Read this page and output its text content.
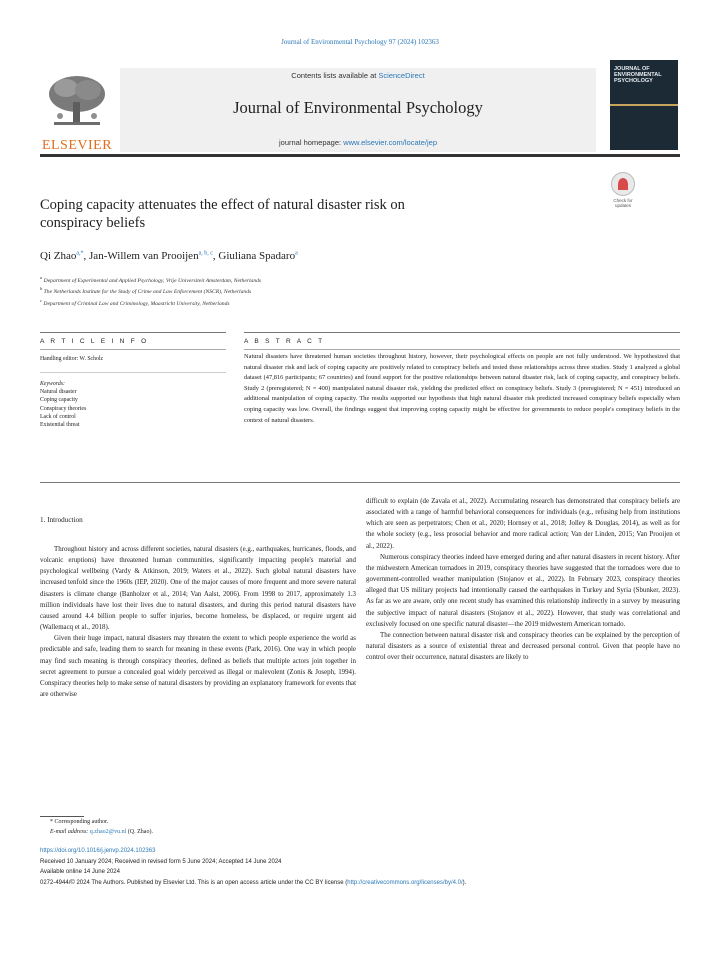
Journal of Environmental Psychology 97 (2024) 102363
ELSEVIER
Contents lists available at ScienceDirect
Journal of Environmental Psychology
journal homepage: www.elsevier.com/locate/jep
JOURNAL OF ENVIRONMENTAL PSYCHOLOGY
Check for updates
Coping capacity attenuates the effect of natural disaster risk on
conspiracy beliefs
Qi Zhao$^{a,*}$, Jan-Willem van Prooijen$^{a, b, c}$, Giuliana Spadaro$^a$
$^a$ Department of Experimental and Applied Psychology, Vrije Universiteit Amsterdam, Netherlands
$^b$ The Netherlands Institute for the Study of Crime and Law Enforcement (NSCR), Netherlands
$^c$ Department of Criminal Law and Criminology, Maastricht University, Netherlands
A R T I C L E I N F O	A B S T R A C T
Handling editor: W. Scholz
Keywords:
Natural disaster
Coping capacity
Conspiracy theories
Lack of control
Existential threat
Natural disasters have threatened human societies throughout history, however, their psychological effects on people are not fully understood. We hypothesized that natural disaster risk and lack of coping capacity are positively related to conspiracy beliefs and tested these relationships across three studies. Study 1 analyzed a global dataset (47,816 participants; 67 countries) and found support for the positive relationships between natural disaster risk, lack of coping capacity, and conspiracy beliefs. Study 2 (preregistered; N = 400) manipulated natural disaster risk, yielding the predicted effect on conspiracy beliefs. Study 3 (preregistered; N = 451) introduced an additional manipulation of coping capacity. The results supported our hypothesis that high natural disaster risk predicted increased conspiracy beliefs especially when coping capacity was low. Overall, the findings suggest that improving coping capacity might be effective for governments to reduce people's conspiracy beliefs in the context of natural disasters.
1. Introduction

Throughout history and across different societies, natural disasters (e.g., earthquakes, hurricanes, floods, and volcanic eruptions) have threatened human communities, significantly impacting people's material and psychological wellbeing (Vardy & Atkinson, 2019; Waters et al., 2022). Such global natural disasters have increased tenfold since the 1960s (IEP, 2020). One of the major causes of more frequent and more severe natural disasters is climate change (Banholzer et al., 2014; Van Aalst, 2006). From 1998 to 2017, approximately 1.3 million individuals have lost their lives due to natural disasters, and during this period natural disasters have caused around 4.4 billion people to suffer injuries, become homeless, be displaced, or require urgent aid (Wallemacq et al., 2018).

Given their huge impact, natural disasters may threaten the extent to which people experience the world as predictable and safe, leading them to search for meaning in these events (Park, 2016). One way in which people may find such meaning is through conspiracy theories, defined as beliefs that multiple actors join together in secret agreement to pursue a concealed goal widely perceived as illegal or malevolent (Zonis & Joseph, 1994). Conspiracy theories help to make sense of natural disasters by providing an explanatory framework for events that are otherwise

difficult to explain (de Zavala et al., 2022). Accumulating research has demonstrated that conspiracy beliefs are associated with a range of harmful behavioral consequences for individuals (e.g., refusing help from institutions which are seen as perpetrators; Chen et al., 2020; Hornsey et al., 2018; Jolley & Douglas, 2014), as well as for the whole society (e.g., less prosocial behavior and more radical action; Van der Linden, 2015; Van Prooijen et al., 2022).

Numerous conspiracy theories indeed have emerged during and after natural disasters in recent history. After the midwestern American tornadoes in 2019, conspiracy theories have suggested that the tornadoes were due to government-controlled weather manipulation (Stojanov et al., 2022). In February 2023, conspiracy theories alleged that US military projects had intentionally caused the earthquakes in Turkey and Syria (Sbunker, 2023). As far as we are aware, only one recent study has examined this relationship indirectly in a survey by measuring the subjective impact of natural disasters (Stojanov et al., 2022). However, that study was correlational and exclusively focused on one specific natural disaster—the 2019 midwestern American tornado.

The connection between natural disaster risk and conspiracy theories can be explained by the perception of natural disasters as a source of existential threat and decreased personal control. Given that people have no control over their occurrence, natural disasters are likely to

* Corresponding author.
E-mail address: q.zhao2@vu.nl (Q. Zhao).
https://doi.org/10.1016/j.jenvp.2024.102363
Received 10 January 2024; Received in revised form 5 June 2024; Accepted 14 June 2024
Available online 14 June 2024
0272-4944/© 2024 The Authors. Published by Elsevier Ltd. This is an open access article under the CC BY license (http://creativecommons.org/licenses/by/4.0/).
